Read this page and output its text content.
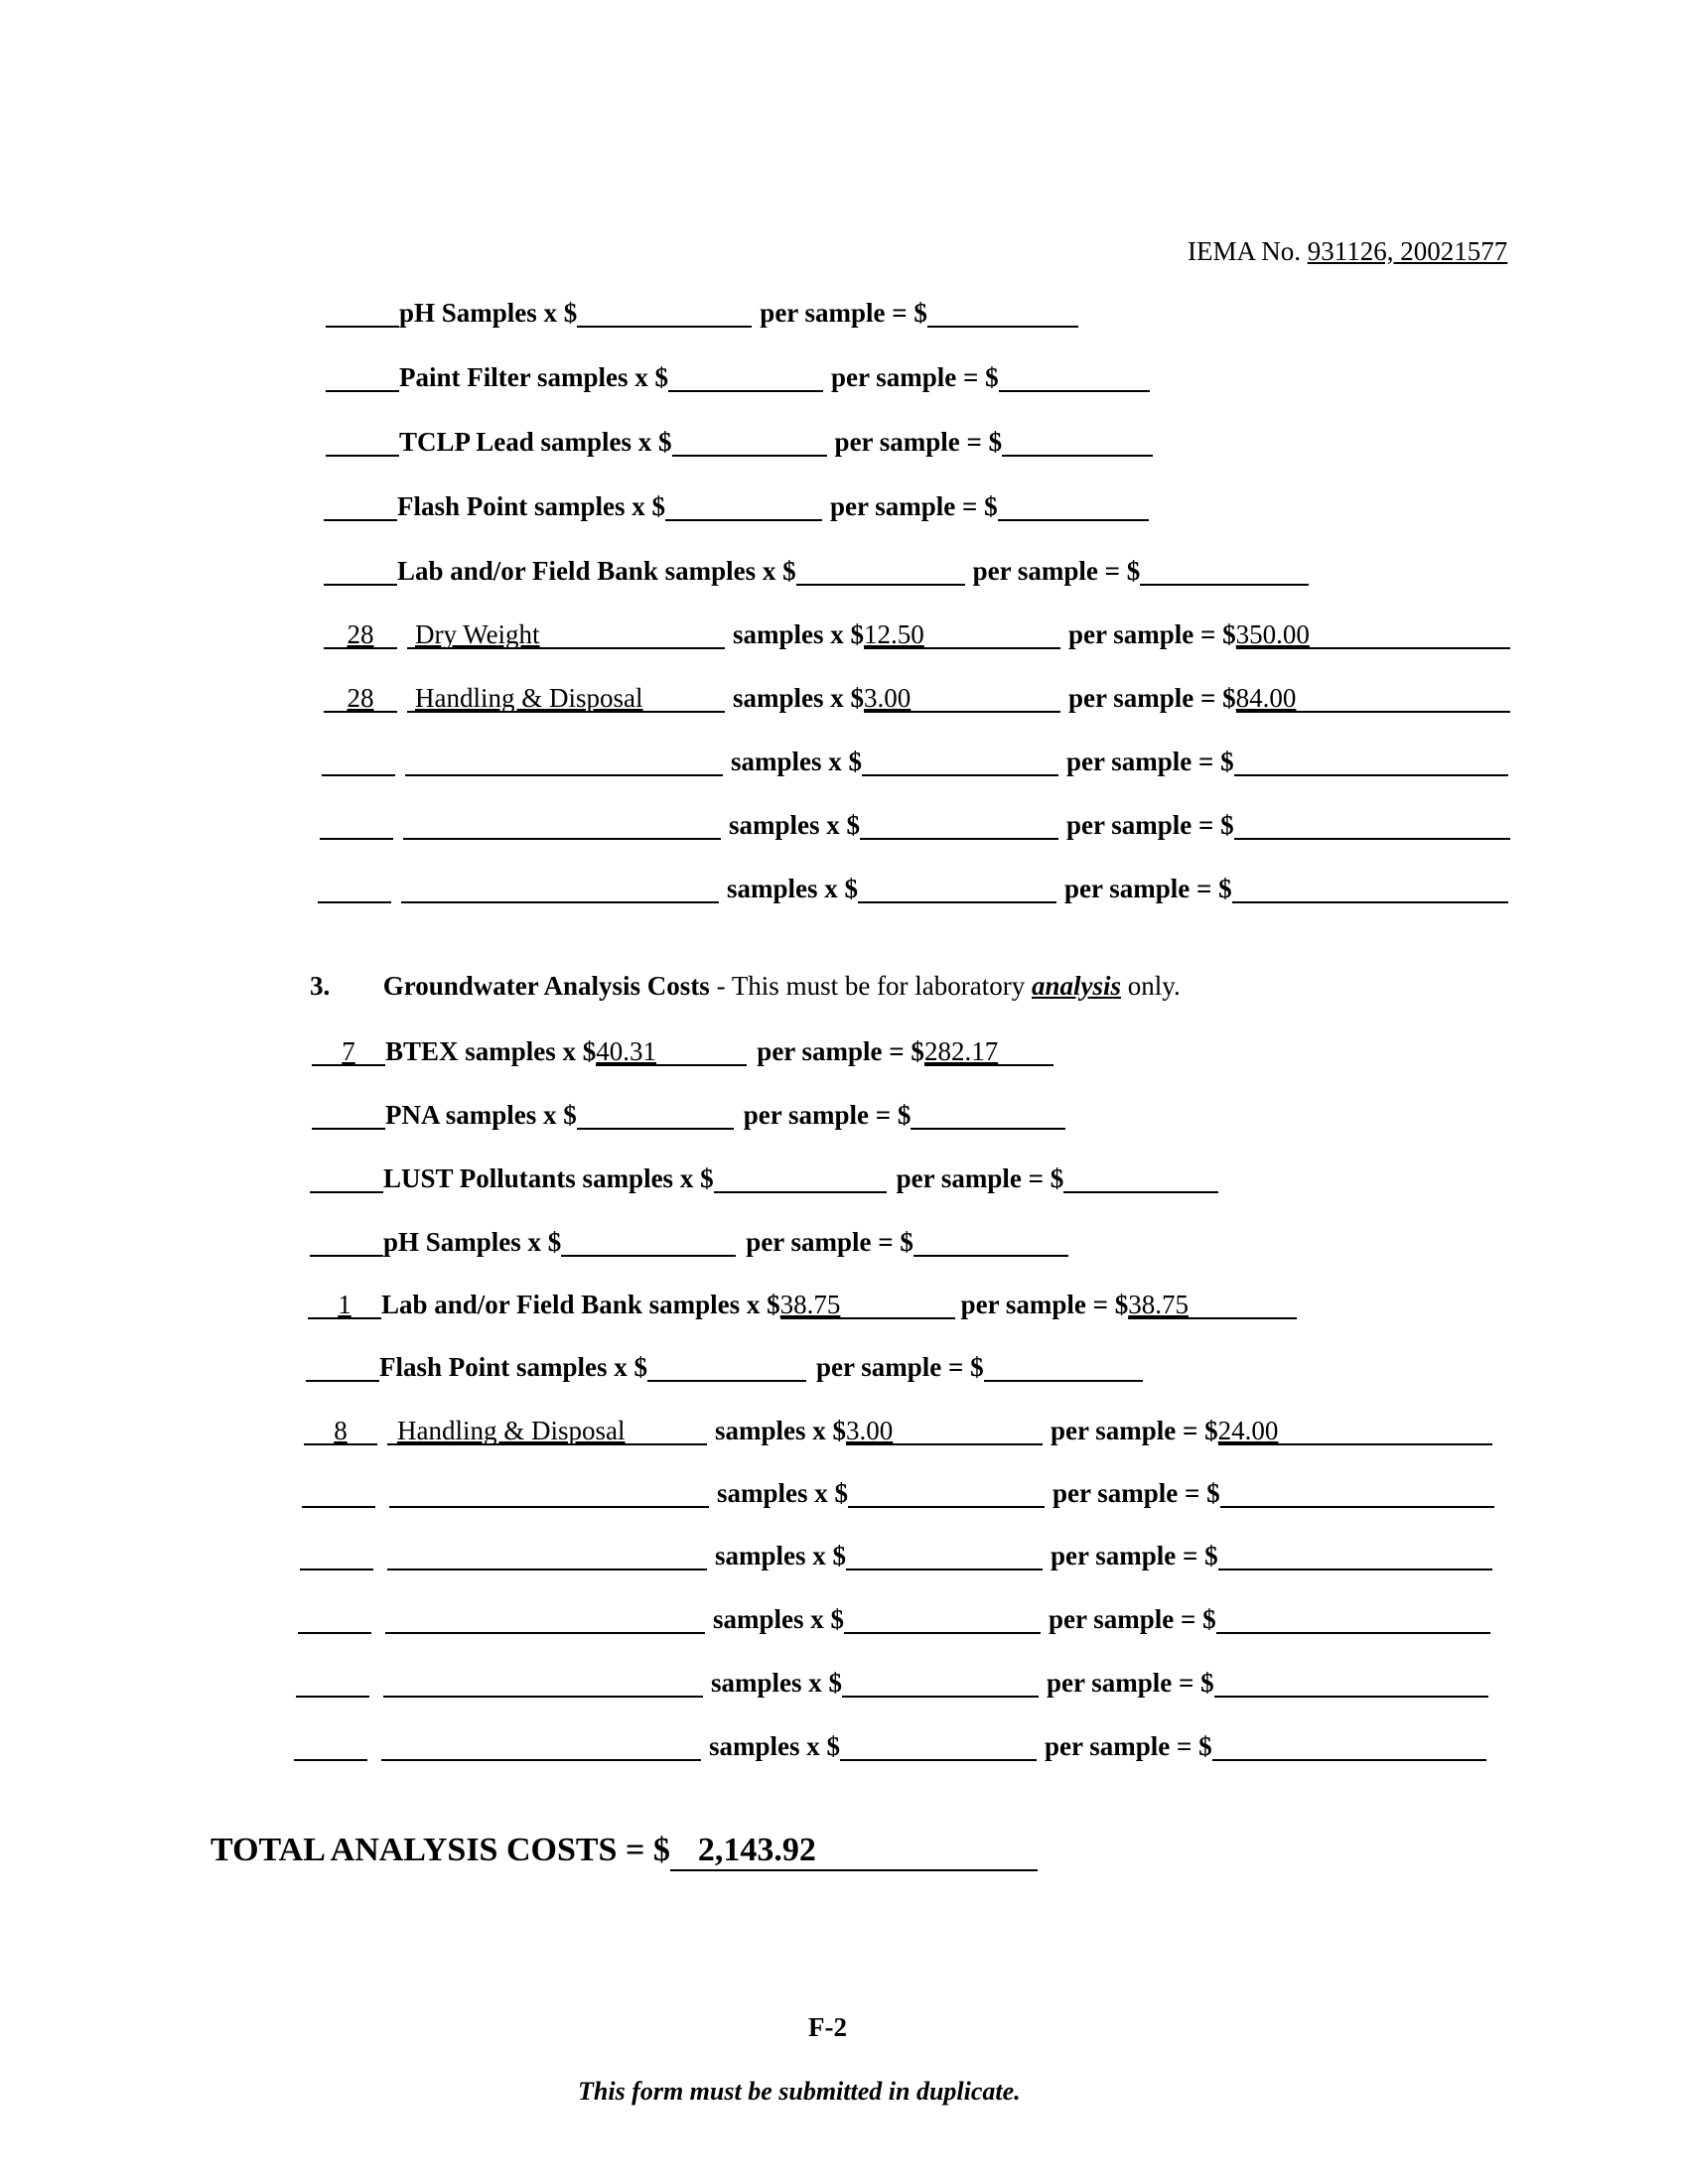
IEMA No. 931126, 20021577
pH Samples x $	per sample = $
Paint Filter samples x $	per sample = $
TCLP Lead samples x $	per sample = $
Flash Point samples x $	per sample = $
Lab and/or Field Bank samples x $	per sample = $
28	Dry Weight	samples x $ 12.50	per sample = $ 350.00
28	Handling & Disposal	samples x $ 3.00	per sample = $ 84.00
samples x $	per sample = $
samples x $	per sample = $
samples x $	per sample = $
3. Groundwater Analysis Costs - This must be for laboratory analysis only.
7	BTEX samples x $ 40.31	per sample = $ 282.17
PNA samples x $	per sample = $
LUST Pollutants samples x $	per sample = $
pH Samples x $	per sample = $
1	Lab and/or Field Bank samples x $ 38.75	per sample = $ 38.75
Flash Point samples x $	per sample = $
8	Handling & Disposal	samples x $ 3.00	per sample = $ 24.00
samples x $	per sample = $
samples x $	per sample = $
samples x $	per sample = $
samples x $	per sample = $
samples x $	per sample = $
TOTAL ANALYSIS COSTS = $ 2,143.92
F-2
This form must be submitted in duplicate.
